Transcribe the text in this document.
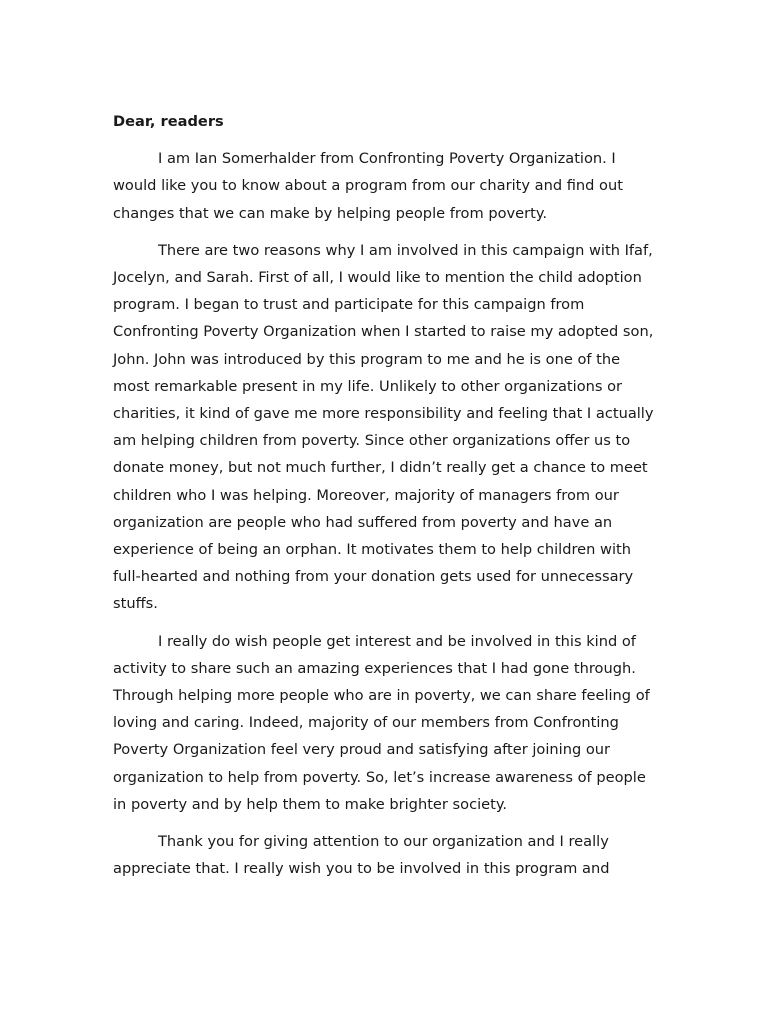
Dear, readers

I am Ian Somerhalder from Confronting Poverty Organization. I would like you to know about a program from our charity and find out changes that we can make by helping people from poverty.

There are two reasons why I am involved in this campaign with Ifaf, Jocelyn, and Sarah. First of all, I would like to mention the child adoption program. I began to trust and participate for this campaign from Confronting Poverty Organization when I started to raise my adopted son, John. John was introduced by this program to me and he is one of the most remarkable present in my life. Unlikely to other organizations or charities, it kind of gave me more responsibility and feeling that I actually am helping children from poverty. Since other organizations offer us to donate money, but not much further, I didn’t really get a chance to meet children who I was helping. Moreover, majority of managers from our organization are people who had suffered from poverty and have an experience of being an orphan. It motivates them to help children with full-hearted and nothing from your donation gets used for unnecessary stuffs.

I really do wish people get interest and be involved in this kind of activity to share such an amazing experiences that I had gone through. Through helping more people who are in poverty, we can share feeling of loving and caring. Indeed, majority of our members from Confronting Poverty Organization feel very proud and satisfying after joining our organization to help from poverty. So, let’s increase awareness of people in poverty and by help them to make brighter society.

Thank you for giving attention to our organization and I really appreciate that. I really wish you to be involved in this program and
